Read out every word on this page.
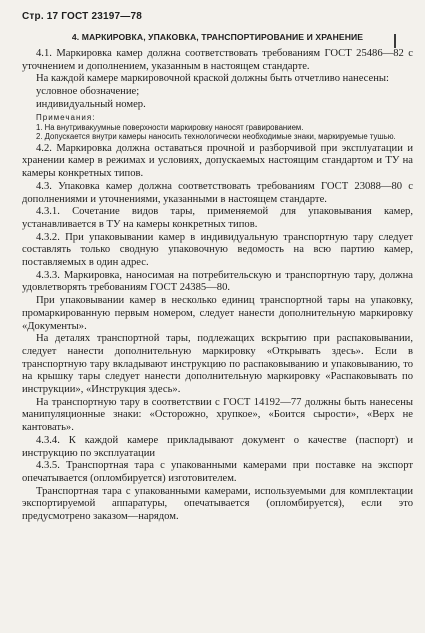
Стр. 17 ГОСТ 23197—78
4. МАРКИРОВКА, УПАКОВКА, ТРАНСПОРТИРОВАНИЕ И ХРАНЕНИЕ

4.1. Маркировка камер должна соответствовать требованиям ГОСТ 25486—82 с уточнением и дополнением, указанным в настоящем стандарте.

На каждой камере маркировочной краской должны быть отчетливо нанесены:

условное обозначение;

индивидуальный номер.

Примечания:

1. На внутривакуумные поверхности маркировку наносят гравированием.

2. Допускается внутри камеры наносить технологически необходимые знаки, маркируемые тушью.

4.2. Маркировка должна оставаться прочной и разборчивой при эксплуатации и хранении камер в режимах и условиях, допускаемых настоящим стандартом и ТУ на камеры конкретных типов.

4.3. Упаковка камер должна соответствовать требованиям ГОСТ 23088—80 с дополнениями и уточнениями, указанными в настоящем стандарте.

4.3.1. Сочетание видов тары, применяемой для упаковывания камер, устанавливается в ТУ на камеры конкретных типов.

4.3.2. При упаковывании камер в индивидуальную транспортную тару следует составлять только сводную упаковочную ведомость на всю партию камер, поставляемых в один адрес.

4.3.3. Маркировка, наносимая на потребительскую и транспортную тару, должна удовлетворять требованиям ГОСТ 24385—80.

При упаковывании камер в несколько единиц транспортной тары на упаковку, промаркированную первым номером, следует нанести дополнительную маркировку «Документы».

На деталях транспортной тары, подлежащих вскрытию при распаковывании, следует нанести дополнительную маркировку «Открывать здесь». Если в транспортную тару вкладывают инструкцию по распаковыванию и упаковыванию, то на крышку тары следует нанести дополнительную маркировку «Распаковывать по инструкции», «Инструкция здесь».

На транспортную тару в соответствии с ГОСТ 14192—77 должны быть нанесены манипуляционные знаки: «Осторожно, хрупкое», «Боится сырости», «Верх не кантовать».

4.3.4. К каждой камере прикладывают документ о качестве (паспорт) и инструкцию по эксплуатации

4.3.5. Транспортная тара с упакованными камерами при поставке на экспорт опечатывается (опломбируется) изготовителем.

Транспортная тара с упакованными камерами, используемыми для комплектации экспортируемой аппаратуры, опечатывается (опломбируется), если это предусмотрено заказом—нарядом.
